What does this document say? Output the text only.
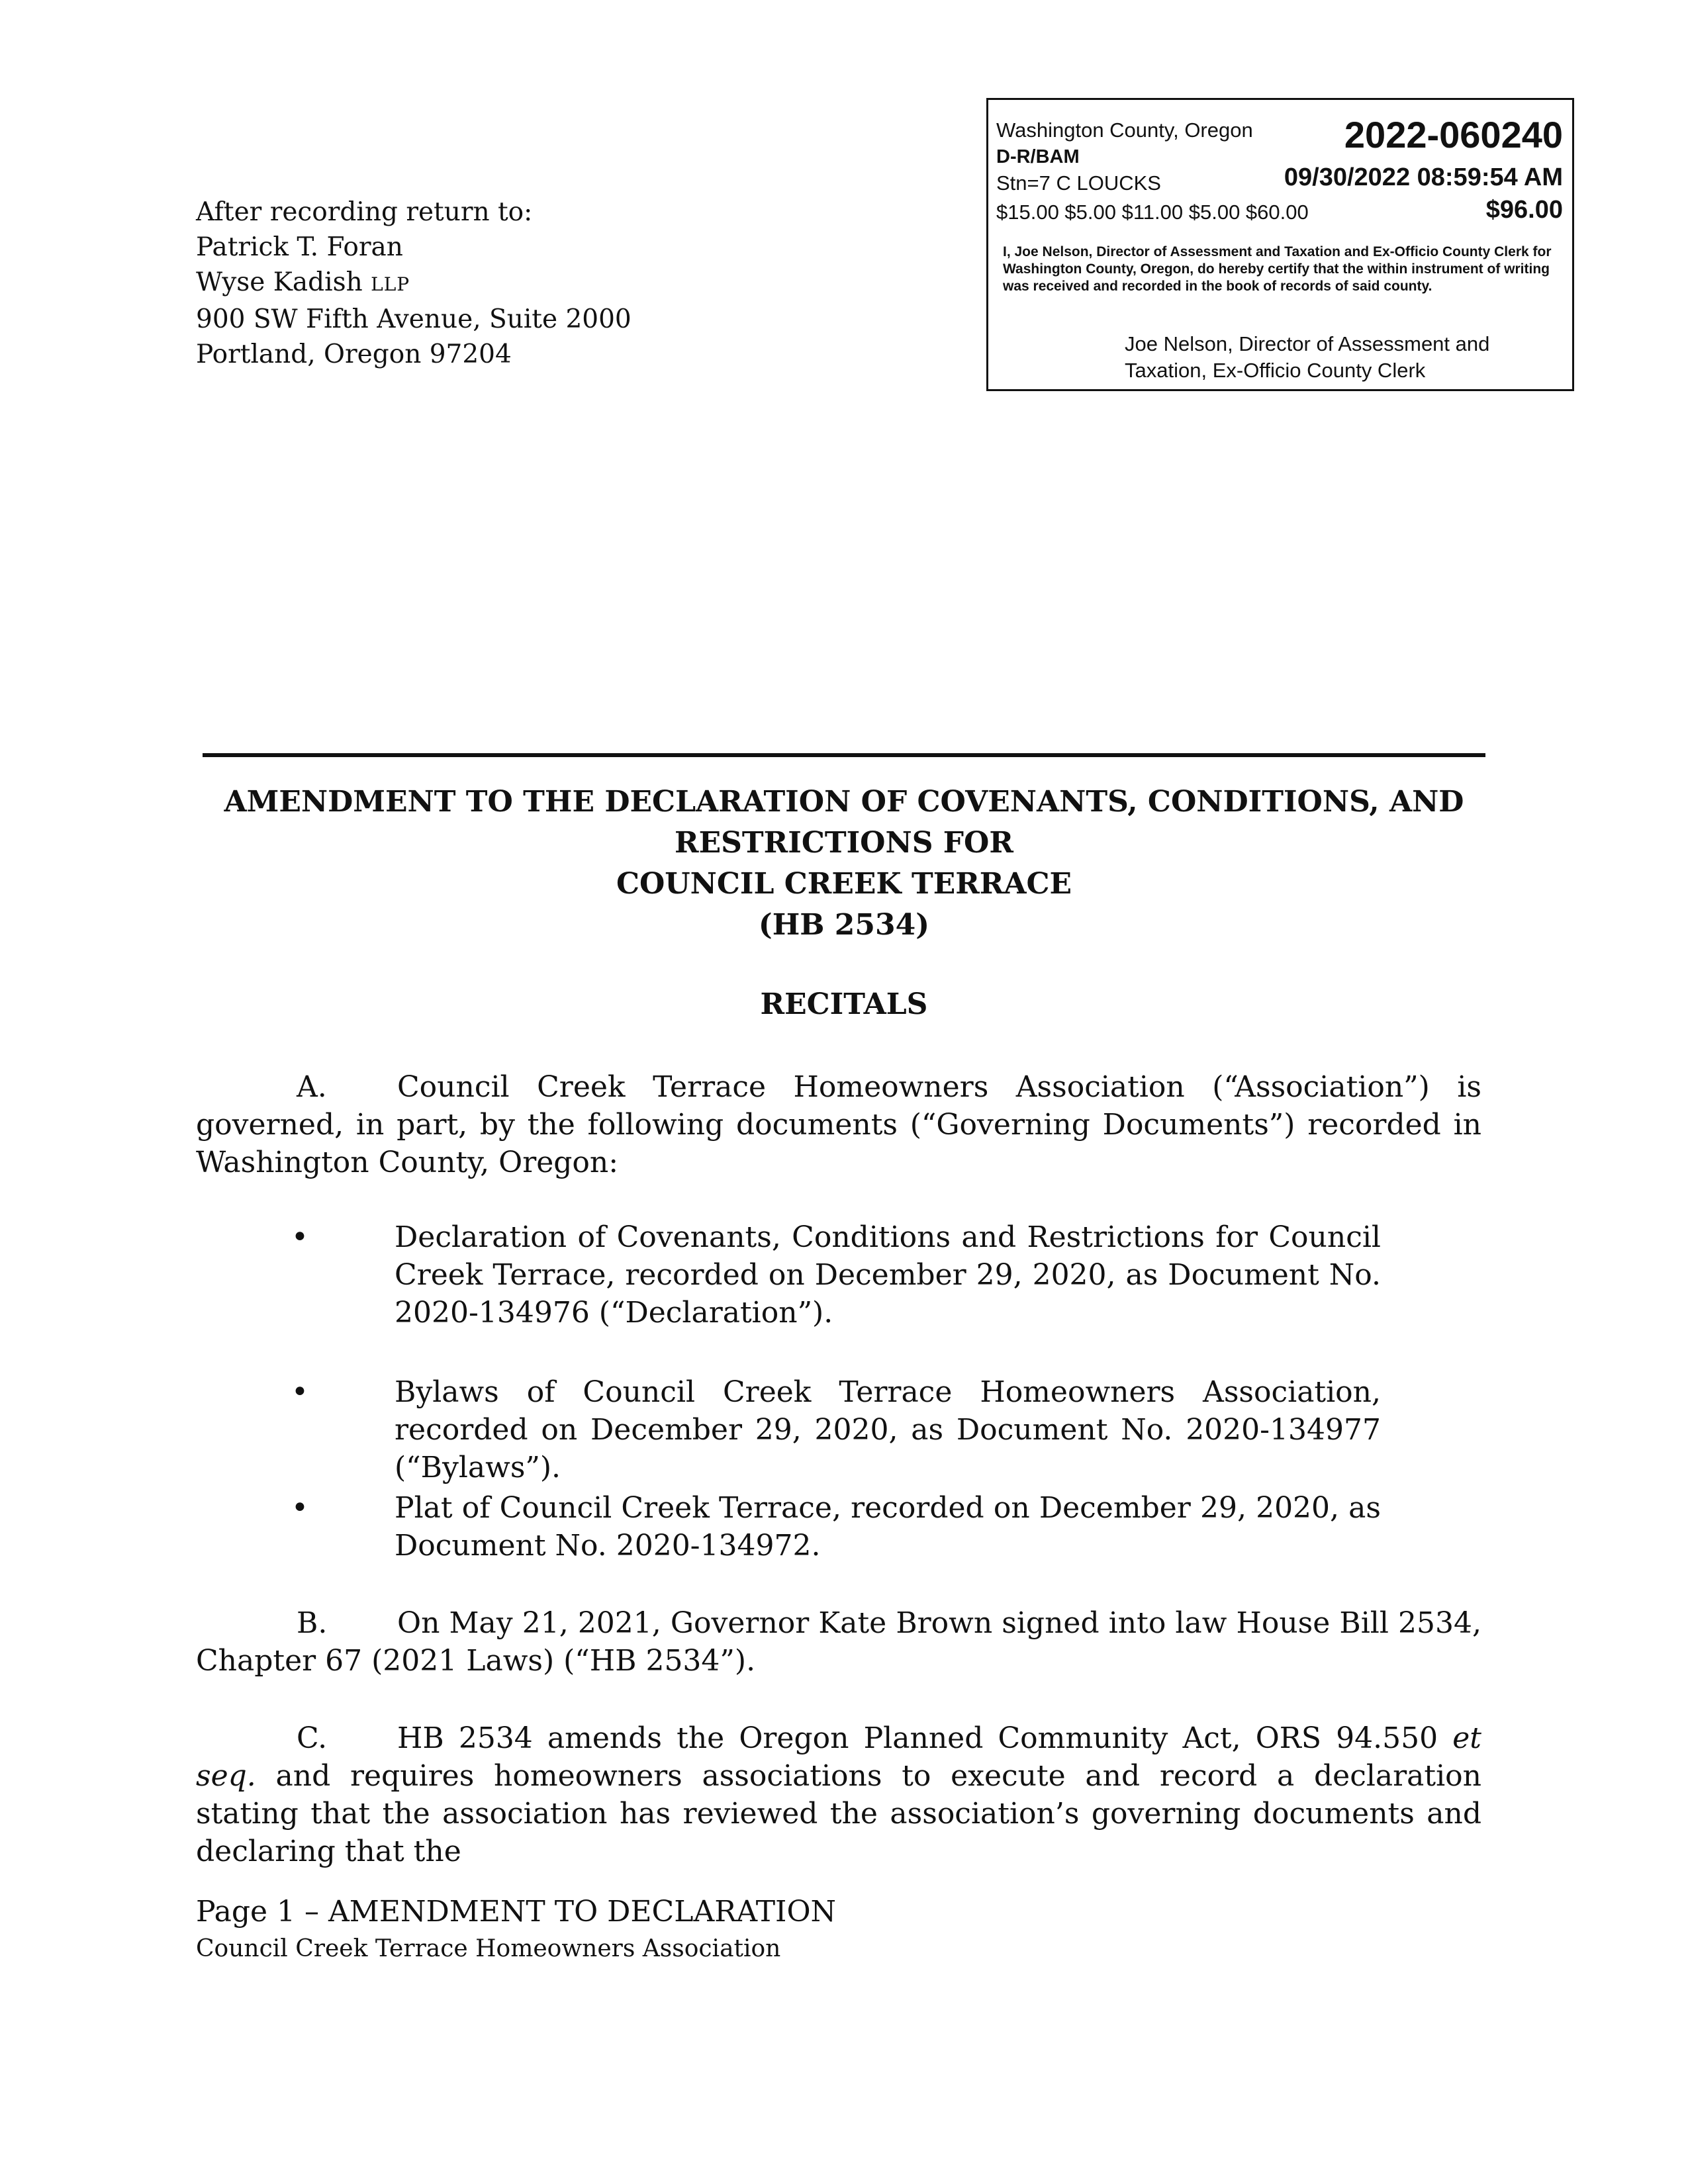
After recording return to:
Patrick T. Foran
Wyse Kadish LLP
900 SW Fifth Avenue, Suite 2000
Portland, Oregon 97204
Washington County, Oregon 2022-060240
D-R/BAM
Stn=7 C LOUCKS	09/30/2022 08:59:54 AM
$15.00 $5.00 $11.00 $5.00 $60.00	$96.00
I, Joe Nelson, Director of Assessment and Taxation and Ex-Officio County Clerk for Washington County, Oregon, do hereby certify that the within instrument of writing was received and recorded in the book of records of said county.
Joe Nelson, Director of Assessment and
Taxation, Ex-Officio County Clerk
AMENDMENT TO THE DECLARATION OF COVENANTS, CONDITIONS, AND
RESTRICTIONS FOR
COUNCIL CREEK TERRACE
(HB 2534)
RECITALS

A. Council Creek Terrace Homeowners Association (“Association”) is governed, in part, by the following documents (“Governing Documents”) recorded in Washington County, Oregon:

•	Declaration of Covenants, Conditions and Restrictions for Council Creek Terrace, recorded on December 29, 2020, as Document No. 2020-134976 (“Declaration”).
•	Bylaws of Council Creek Terrace Homeowners Association, recorded on December 29, 2020, as Document No. 2020-134977 (“Bylaws”).
•	Plat of Council Creek Terrace, recorded on December 29, 2020, as Document No. 2020-134972.

B. On May 21, 2021, Governor Kate Brown signed into law House Bill 2534, Chapter 67 (2021 Laws) (“HB 2534”).

C. HB 2534 amends the Oregon Planned Community Act, ORS 94.550 et seq. and requires homeowners associations to execute and record a declaration stating that the association has reviewed the association’s governing documents and declaring that the

Page 1 – AMENDMENT TO DECLARATION
Council Creek Terrace Homeowners Association
